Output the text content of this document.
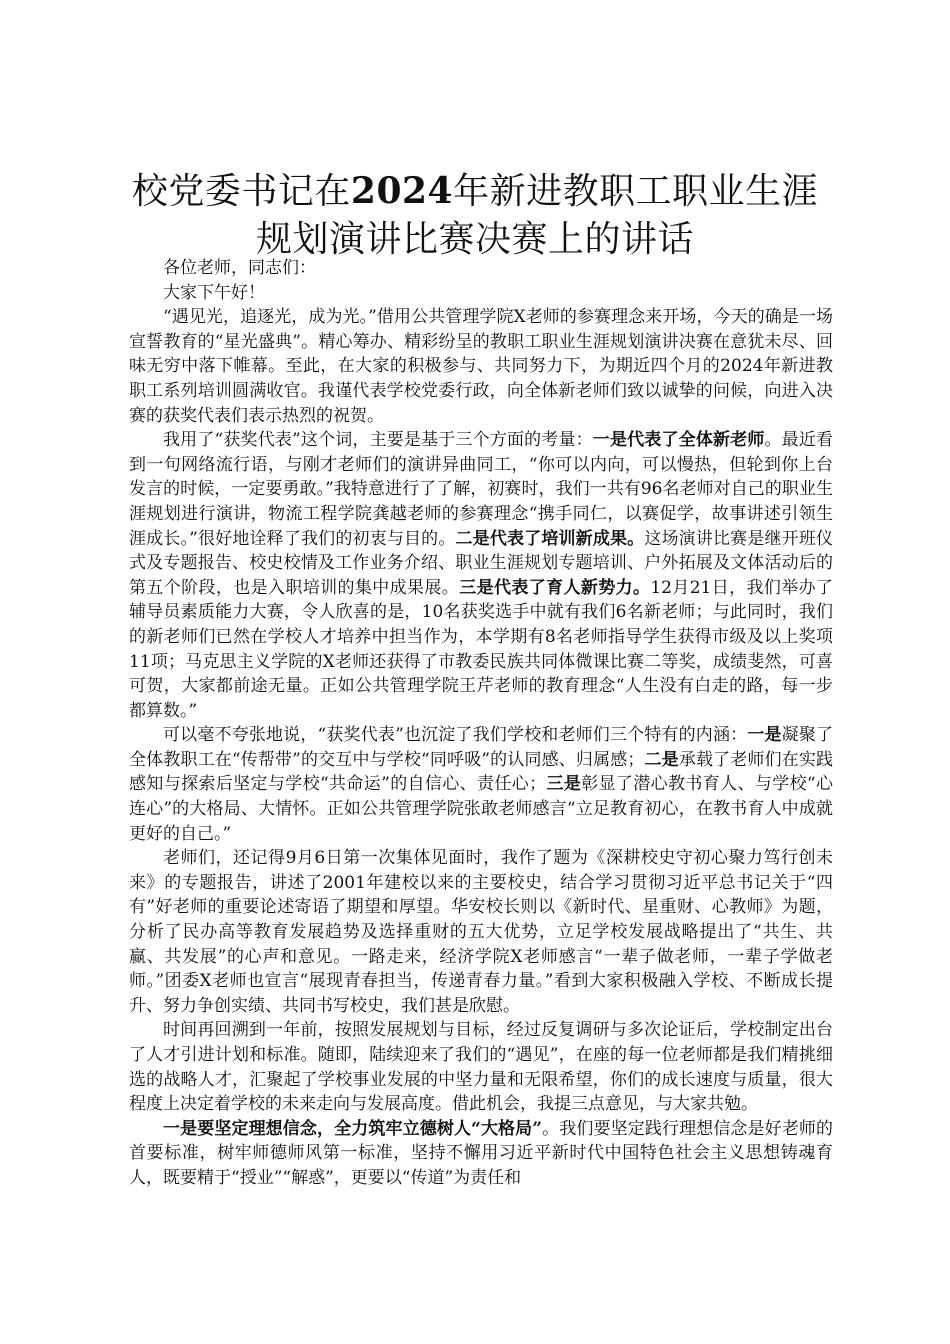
校党委书记在2024年新进教职工职业生涯规划演讲比赛决赛上的讲话

各位老师，同志们：

大家下午好！

“遇见光，追逐光，成为光。”借用公共管理学院X老师的参赛理念来开场，今天的确是一场宣誓教育的“星光盛典”。精心筹办、精彩纷呈的教职工职业生涯规划演讲决赛在意犹未尽、回味无穷中落下帷幕。至此，在大家的积极参与、共同努力下，为期近四个月的2024年新进教职工系列培训圆满收官。我谨代表学校党委行政，向全体新老师们致以诚挚的问候，向进入决赛的获奖代表们表示热烈的祝贺。

我用了“获奖代表”这个词，主要是基于三个方面的考量：一是代表了全体新老师。最近看到一句网络流行语，与刚才老师们的演讲异曲同工，“你可以内向，可以慢热，但轮到你上台发言的时候，一定要勇敢。”我特意进行了了解，初赛时，我们一共有96名老师对自己的职业生涯规划进行演讲，物流工程学院龚越老师的参赛理念“携手同仁，以赛促学，故事讲述引领生涯成长。”很好地诠释了我们的初衷与目的。二是代表了培训新成果。这场演讲比赛是继开班仪式及专题报告、校史校情及工作业务介绍、职业生涯规划专题培训、户外拓展及文体活动后的第五个阶段，也是入职培训的集中成果展。三是代表了育人新势力。12月21日，我们举办了辅导员素质能力大赛，令人欣喜的是，10名获奖选手中就有我们6名新老师；与此同时，我们的新老师们已然在学校人才培养中担当作为，本学期有8名老师指导学生获得市级及以上奖项11项；马克思主义学院的X老师还获得了市教委民族共同体微课比赛二等奖，成绩斐然，可喜可贺，大家都前途无量。正如公共管理学院王芹老师的教育理念“人生没有白走的路，每一步都算数。”

可以毫不夸张地说，“获奖代表”也沉淀了我们学校和老师们三个特有的内涵：一是凝聚了全体教职工在“传帮带”的交互中与学校“同呼吸”的认同感、归属感；二是承载了老师们在实践感知与探索后坚定与学校“共命运”的自信心、责任心；三是彰显了潜心教书育人、与学校“心连心”的大格局、大情怀。正如公共管理学院张敢老师感言“立足教育初心，在教书育人中成就更好的自己。”

老师们，还记得9月6日第一次集体见面时，我作了题为《深耕校史守初心聚力笃行创未来》的专题报告，讲述了2001年建校以来的主要校史，结合学习贯彻习近平总书记关于“四有”好老师的重要论述寄语了期望和厚望。华安校长则以《新时代、星重财、心教师》为题，分析了民办高等教育发展趋势及选择重财的五大优势，立足学校发展战略提出了“共生、共赢、共发展”的心声和意见。一路走来，经济学院X老师感言“一辈子做老师，一辈子学做老师。”团委X老师也宣言“展现青春担当，传递青春力量。”看到大家积极融入学校、不断成长提升、努力争创实绩、共同书写校史，我们甚是欣慰。

时间再回溯到一年前，按照发展规划与目标，经过反复调研与多次论证后，学校制定出台了人才引进计划和标准。随即，陆续迎来了我们的“遇见”，在座的每一位老师都是我们精挑细选的战略人才，汇聚起了学校事业发展的中坚力量和无限希望，你们的成长速度与质量，很大程度上决定着学校的未来走向与发展高度。借此机会，我提三点意见，与大家共勉。

一是要坚定理想信念，全力筑牢立德树人“大格局”。我们要坚定践行理想信念是好老师的首要标准，树牢师德师风第一标准，坚持不懈用习近平新时代中国特色社会主义思想铸魂育人，既要精于“授业”“解惑”，更要以“传道”为责任和
